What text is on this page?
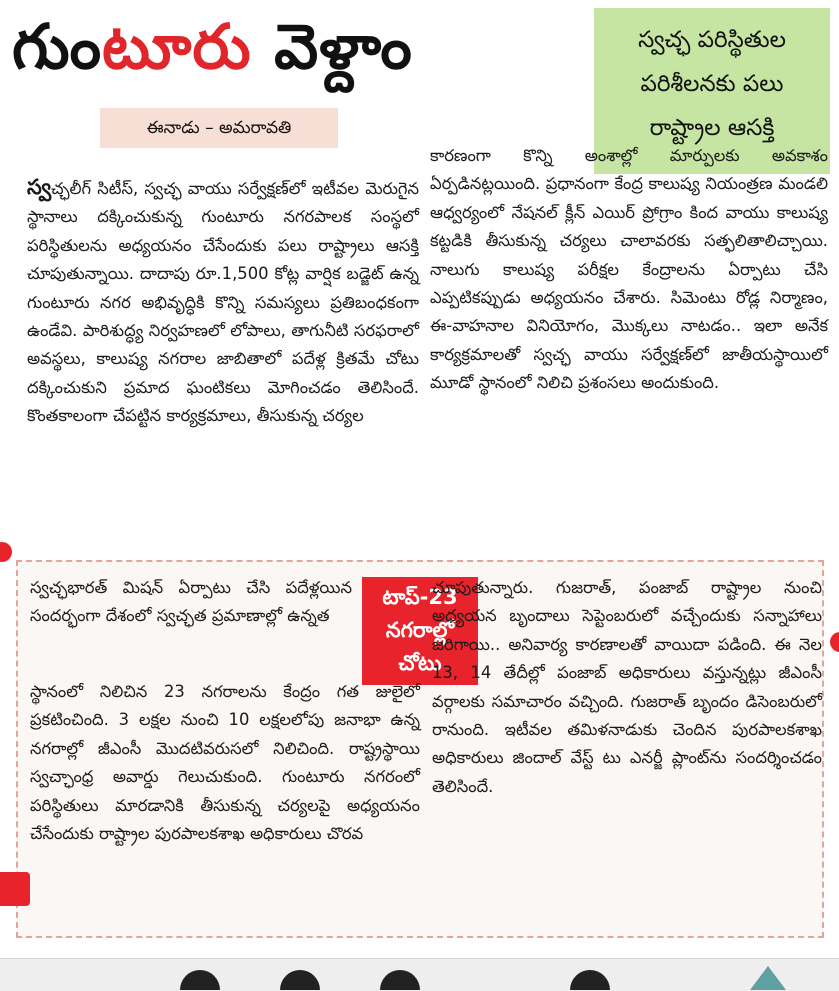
గుంటూరు వెళ్దాం	స్వచ్ఛ పరిస్థితుల
పరిశీలనకు పలు
రాష్ట్రాల ఆసక్తి
ఈనాడు – అమరావతి

స్వచ్ఛలీగ్ సిటీస్, స్వచ్ఛ వాయు సర్వేక్షణ్‌లో ఇటీవల మెరుగైన స్థానాలు దక్కించుకున్న గుంటూరు నగరపాలక సంస్థలో పరిస్థితులను అధ్యయనం చేసేందుకు పలు రాష్ట్రాలు ఆసక్తి చూపుతున్నాయి. దాదాపు రూ.1,500 కోట్ల వార్షిక బడ్జెట్ ఉన్న గుంటూరు నగర అభివృద్ధికి కొన్ని సమస్యలు ప్రతిబంధకంగా ఉండేవి. పారిశుద్ధ్య నిర్వహణలో లోపాలు, తాగునీటి సరఫరాలో అవస్థలు, కాలుష్య నగరాల జాబితాలో పదేళ్ల క్రితమే చోటు దక్కించుకుని ప్రమాద ఘంటికలు మోగించడం తెలిసిందే. కొంతకాలంగా చేపట్టిన కార్యక్రమాలు, తీసుకున్న చర్యల

కారణంగా కొన్ని అంశాల్లో మార్పులకు అవకాశం ఏర్పడినట్లయింది. ప్రధానంగా కేంద్ర కాలుష్య నియంత్రణ మండలి ఆధ్వర్యంలో నేషనల్ క్లీన్ ఎయిర్ ప్రోగ్రాం కింద వాయు కాలుష్య కట్టడికి తీసుకున్న చర్యలు చాలావరకు సత్ఫలితాలిచ్చాయి. నాలుగు కాలుష్య పరీక్షల కేంద్రాలను ఏర్పాటు చేసి ఎప్పటికప్పుడు అధ్యయనం చేశారు. సిమెంటు రోడ్ల నిర్మాణం, ఈ-వాహనాల వినియోగం, మొక్కలు నాటడం.. ఇలా అనేక కార్యక్రమాలతో స్వచ్ఛ వాయు సర్వేక్షణ్‌లో జాతీయస్థాయిలో మూడో స్థానంలో నిలిచి ప్రశంసలు అందుకుంది.

స్వచ్ఛభారత్ మిషన్ ఏర్పాటు చేసి పదేళ్లయిన సందర్భంగా దేశంలో స్వచ్ఛత ప్రమాణాల్లో ఉన్నత

టాప్-23
నగరాల్లో
చోటు

స్థానంలో నిలిచిన 23 నగరాలను కేంద్రం గత జులైలో ప్రకటించింది. 3 లక్షల నుంచి 10 లక్షలలోపు జనాభా ఉన్న నగరాల్లో జీఎంసీ మొదటివరుసలో నిలిచింది. రాష్ట్రస్థాయి స్వచ్ఛాంధ్ర అవార్డు గెలుచుకుంది. గుంటూరు నగరంలో పరిస్థితులు మారడానికి తీసుకున్న చర్యలపై అధ్యయనం చేసేందుకు రాష్ట్రాల పురపాలకశాఖ అధికారులు చొరవ

చూపుతున్నారు. గుజరాత్, పంజాబ్ రాష్ట్రాల నుంచి అధ్యయన బృందాలు సెప్టెంబరులో వచ్చేందుకు సన్నాహాలు జరిగాయి.. అనివార్య కారణాలతో వాయిదా పడింది. ఈ నెల 13, 14 తేదీల్లో పంజాబ్ అధికారులు వస్తున్నట్లు జీఎంసీ వర్గాలకు సమాచారం వచ్చింది. గుజరాత్ బృందం డిసెంబరులో రానుంది. ఇటీవల తమిళనాడుకు చెందిన పురపాలకశాఖ అధికారులు జిందాల్ వేస్ట్ టు ఎనర్జీ ప్లాంట్‌ను సందర్శించడం తెలిసిందే.
